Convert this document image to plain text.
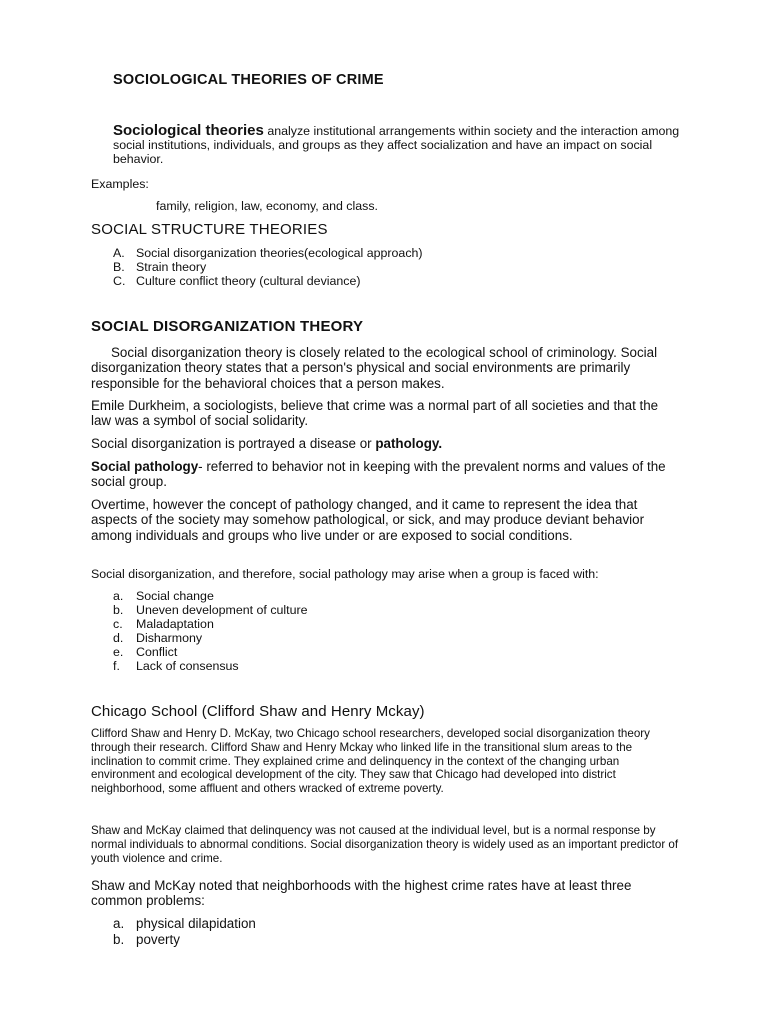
SOCIOLOGICAL THEORIES OF CRIME

Sociological theories analyze institutional arrangements within society and the interaction among social institutions, individuals, and groups as they affect socialization and have an impact on social behavior.

Examples:

family, religion, law, economy, and class.

SOCIAL STRUCTURE THEORIES

A. Social disorganization theories(ecological approach)
B. Strain theory
C. Culture conflict theory (cultural deviance)

SOCIAL DISORGANIZATION THEORY

Social disorganization theory is closely related to the ecological school of criminology. Social disorganization theory states that a person's physical and social environments are primarily responsible for the behavioral choices that a person makes.

Emile Durkheim, a sociologists, believe that crime was a normal part of all societies and that the law was a symbol of social solidarity.

Social disorganization is portrayed a disease or pathology.

Social pathology- referred to behavior not in keeping with the prevalent norms and values of the social group.

Overtime, however the concept of pathology changed, and it came to represent the idea that aspects of the society may somehow pathological, or sick, and may produce deviant behavior among individuals and groups who live under or are exposed to social conditions.

Social disorganization, and therefore, social pathology may arise when a group is faced with:

a. Social change
b. Uneven development of culture
c. Maladaptation
d. Disharmony
e. Conflict
f. Lack of consensus

Chicago School (Clifford Shaw and Henry Mckay)

Clifford Shaw and Henry D. McKay, two Chicago school researchers, developed social disorganization theory through their research. Clifford Shaw and Henry Mckay who linked life in the transitional slum areas to the inclination to commit crime. They explained crime and delinquency in the context of the changing urban environment and ecological development of the city. They saw that Chicago had developed into district neighborhood, some affluent and others wracked of extreme poverty.

Shaw and McKay claimed that delinquency was not caused at the individual level, but is a normal response by normal individuals to abnormal conditions. Social disorganization theory is widely used as an important predictor of youth violence and crime.

Shaw and McKay noted that neighborhoods with the highest crime rates have at least three common problems:

a. physical dilapidation
b. poverty
